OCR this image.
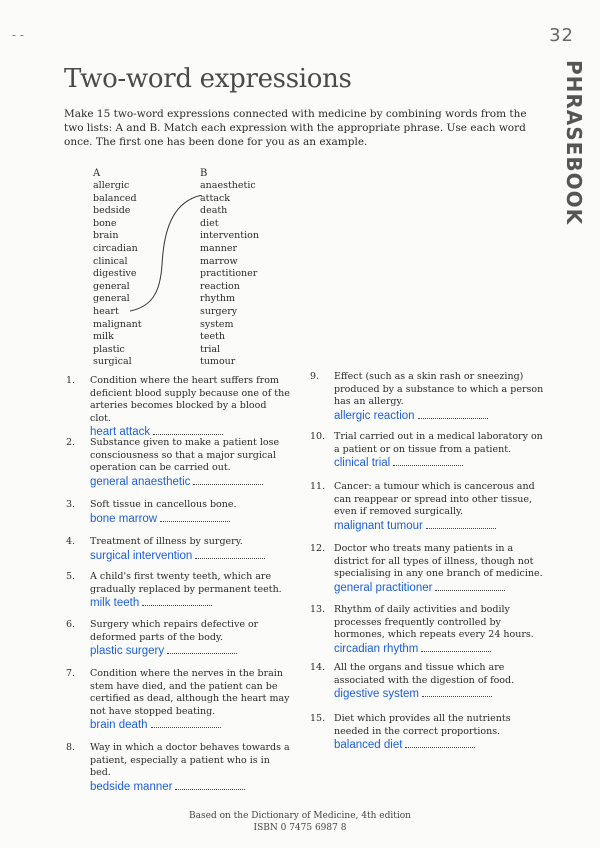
- -	32
PHRASEBOOK
Two-word expressions
Make 15 two-word expressions connected with medicine by combining words from the two lists: A and B. Match each expression with the appropriate phrase. Use each word once. The first one has been done for you as an example.
A
allergic
balanced
bedside
bone
brain
circadian
clinical
digestive
general
general
heart
malignant
milk
plastic
surgical
B
anaesthetic
attack
death
diet
intervention
manner
marrow
practitioner
reaction
rhythm
surgery
system
teeth
trial
tumour
1.	Condition where the heart suffers from deficient blood supply because one of the arteries becomes blocked by a blood clot.
heart attack
2.	Substance given to make a patient lose consciousness so that a major surgical operation can be carried out.
general anaesthetic
3.	Soft tissue in cancellous bone.
bone marrow
4.	Treatment of illness by surgery.
surgical intervention
5.	A child's first twenty teeth, which are gradually replaced by permanent teeth.
milk teeth
6.	Surgery which repairs defective or deformed parts of the body.
plastic surgery
7.	Condition where the nerves in the brain stem have died, and the patient can be certified as dead, although the heart may not have stopped beating.
brain death
8.	Way in which a doctor behaves towards a patient, especially a patient who is in bed.
bedside manner
9.	Effect (such as a skin rash or sneezing) produced by a substance to which a person has an allergy.
allergic reaction
10. Trial carried out in a medical laboratory on a patient or on tissue from a patient.
clinical trial
11. Cancer: a tumour which is cancerous and can reappear or spread into other tissue, even if removed surgically.
malignant tumour
12. Doctor who treats many patients in a district for all types of illness, though not specialising in any one branch of medicine.
general practitioner
13. Rhythm of daily activities and bodily processes frequently controlled by hormones, which repeats every 24 hours.
circadian rhythm
14. All the organs and tissue which are associated with the digestion of food.
digestive system
15. Diet which provides all the nutrients needed in the correct proportions.
balanced diet
Based on the Dictionary of Medicine, 4th edition
ISBN 0 7475 6987 8
